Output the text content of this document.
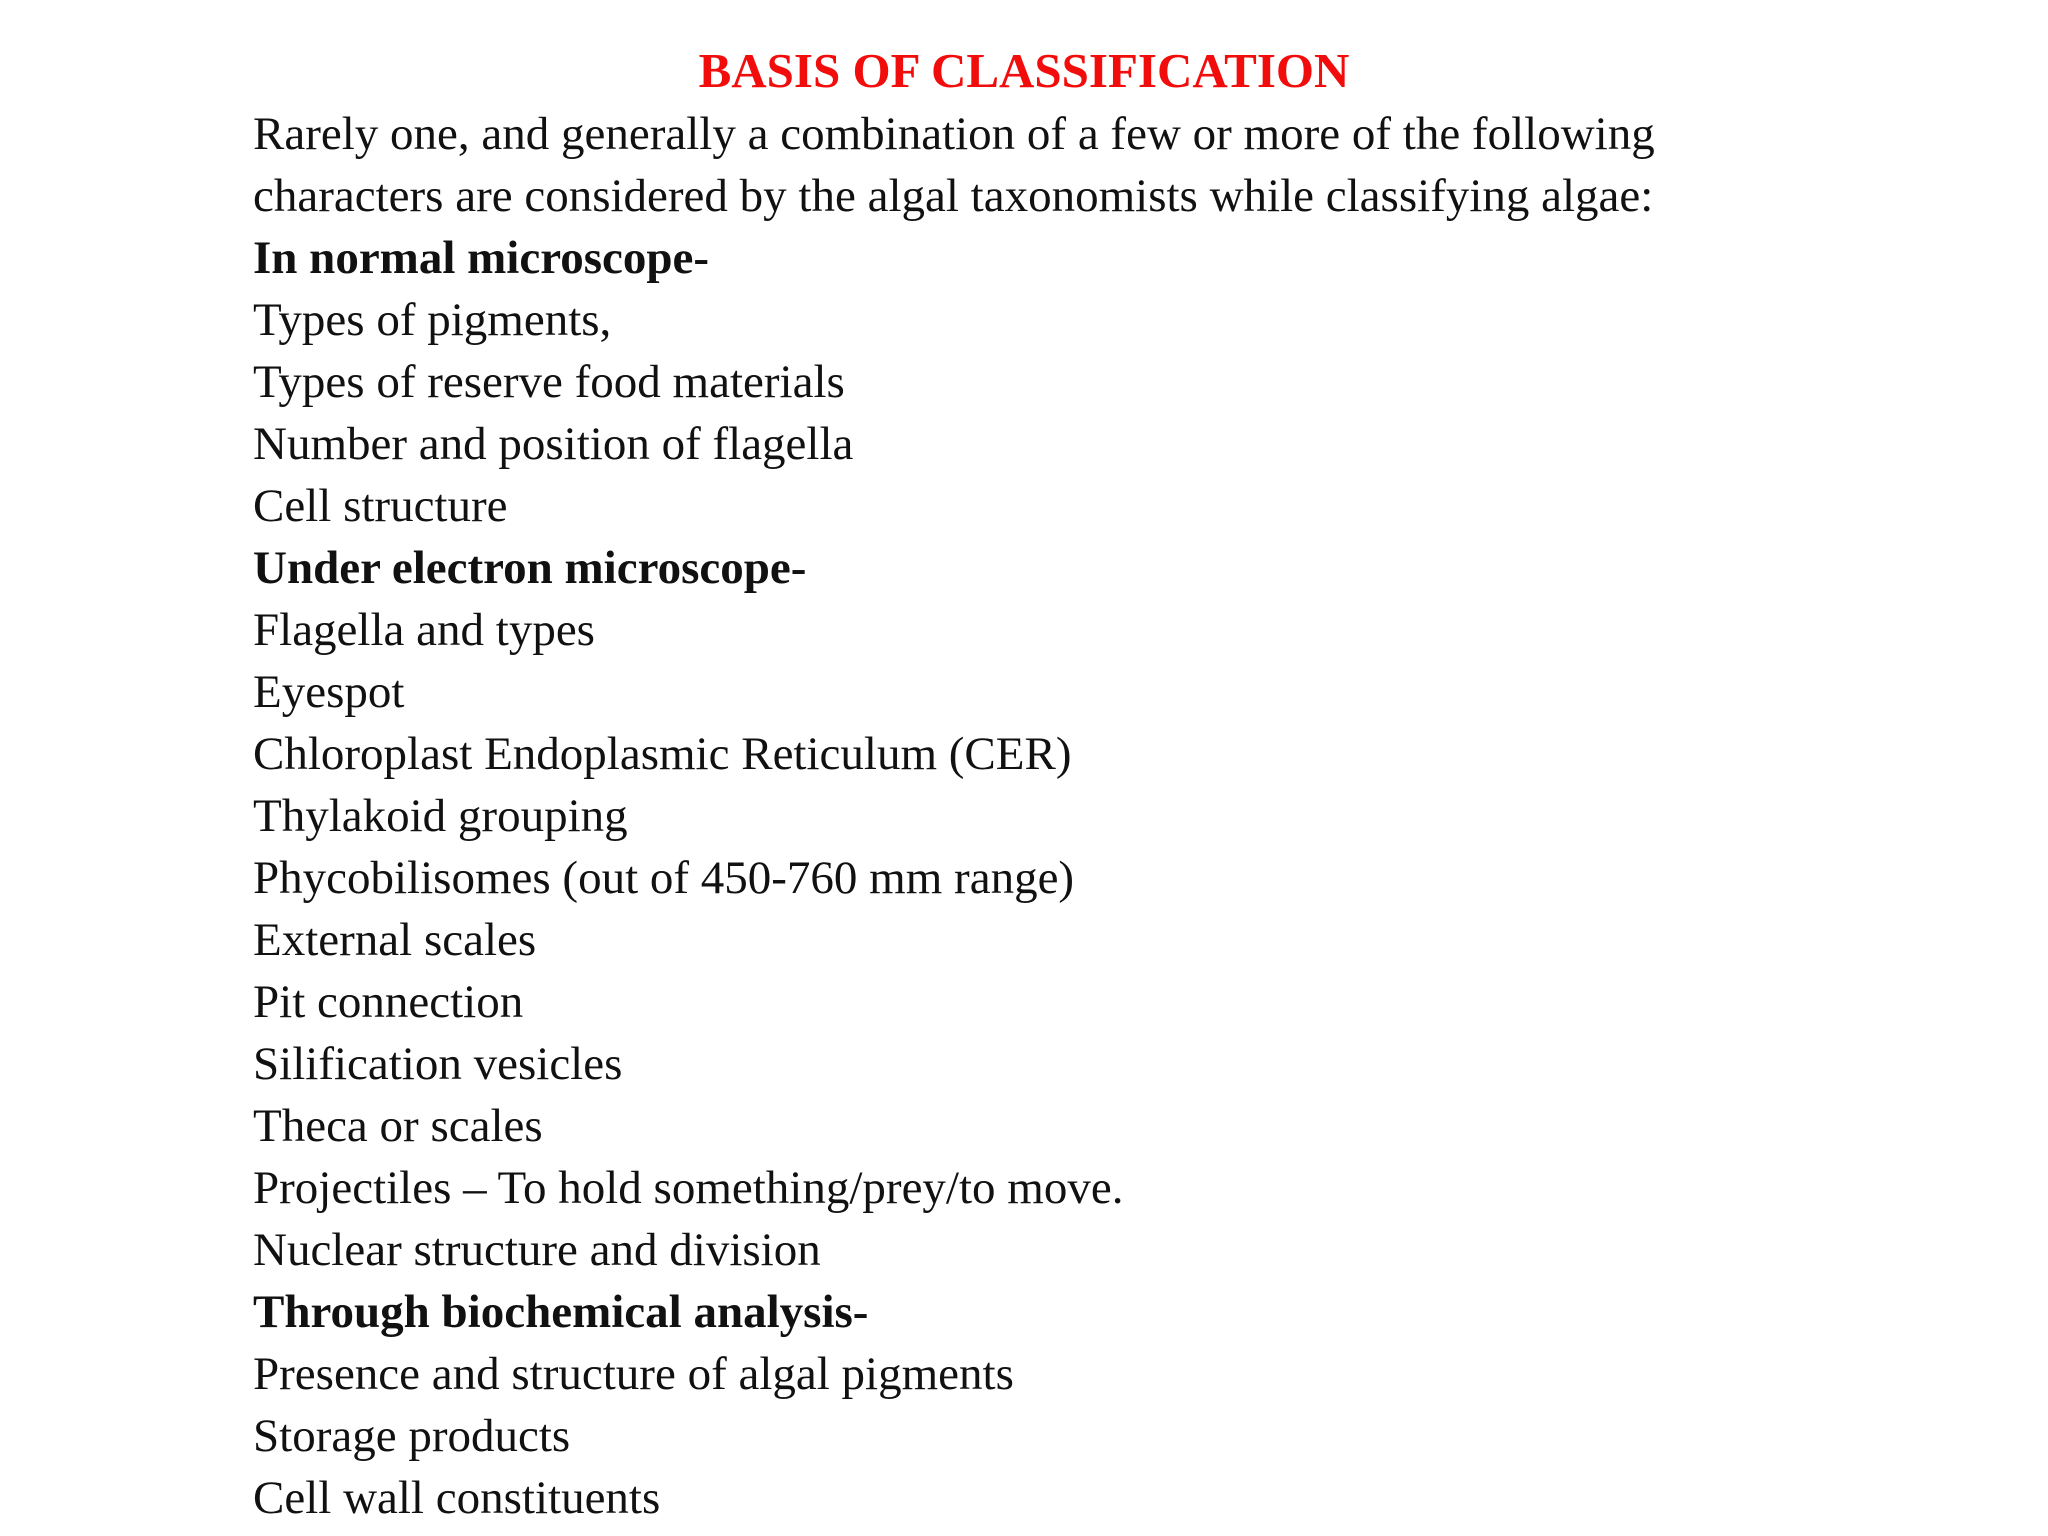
BASIS OF CLASSIFICATION
Rarely one, and generally a combination of a few or more of the following
characters are considered by the algal taxonomists while classifying algae:
In normal microscope-
Types of pigments,
Types of reserve food materials
Number and position of flagella
Cell structure
Under electron microscope-
Flagella and types
Eyespot
Chloroplast Endoplasmic Reticulum (CER)
Thylakoid grouping
Phycobilisomes (out of 450-760 mm range)
External scales
Pit connection
Silification vesicles
Theca or scales
Projectiles – To hold something/prey/to move.
Nuclear structure and division
Through biochemical analysis-
Presence and structure of algal pigments
Storage products
Cell wall constituents
